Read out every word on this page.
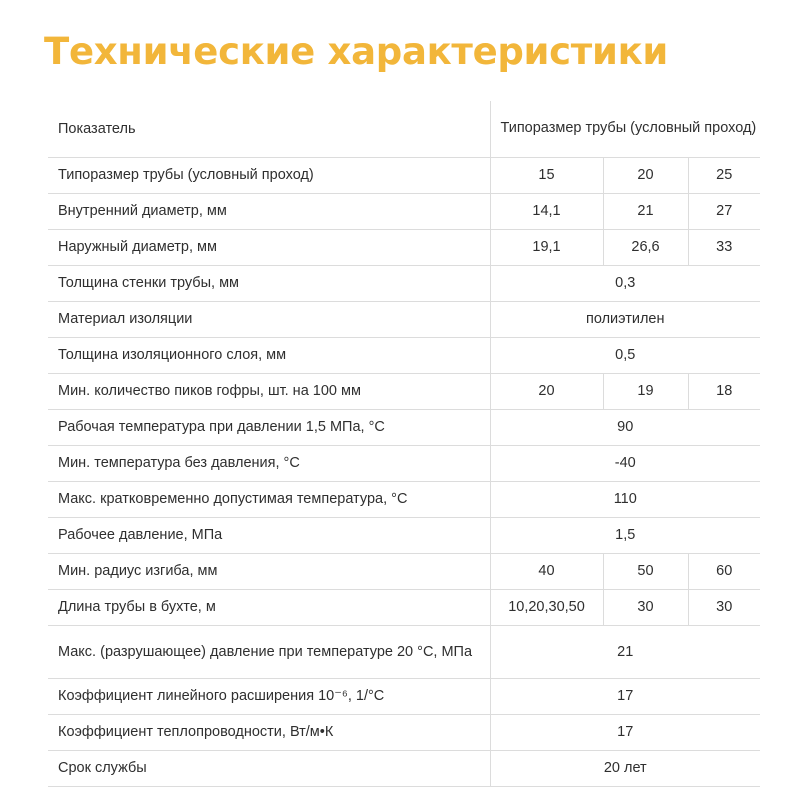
Технические характеристики
Показатель	Типоразмер трубы (условный проход)		
Типоразмер трубы (условный проход)	15	20	25
Внутренний диаметр, мм	14,1	21	27
Наружный диаметр, мм	19,1	26,6	33
Толщина стенки трубы, мм	0,3		
Материал изоляции	полиэтилен		
Толщина изоляционного слоя, мм	0,5		
Мин. количество пиков гофры, шт. на 100 мм	20	19	18
Рабочая температура при давлении 1,5 МПа, °С	90		
Мин. температура без давления, °С	-40		
Макс. кратковременно допустимая температура, °С	110		
Рабочее давление, МПа	1,5		
Мин. радиус изгиба, мм	40	50	60
Длина трубы в бухте, м	10,20,30,50	30	30
Макс. (разрушающее) давление при температуре 20 °С, МПа	21		
Коэффициент линейного расширения 10⁻⁶, 1/°С	17		
Коэффициент теплопроводности, Вт/м•К	17		
Срок службы	20 лет		
